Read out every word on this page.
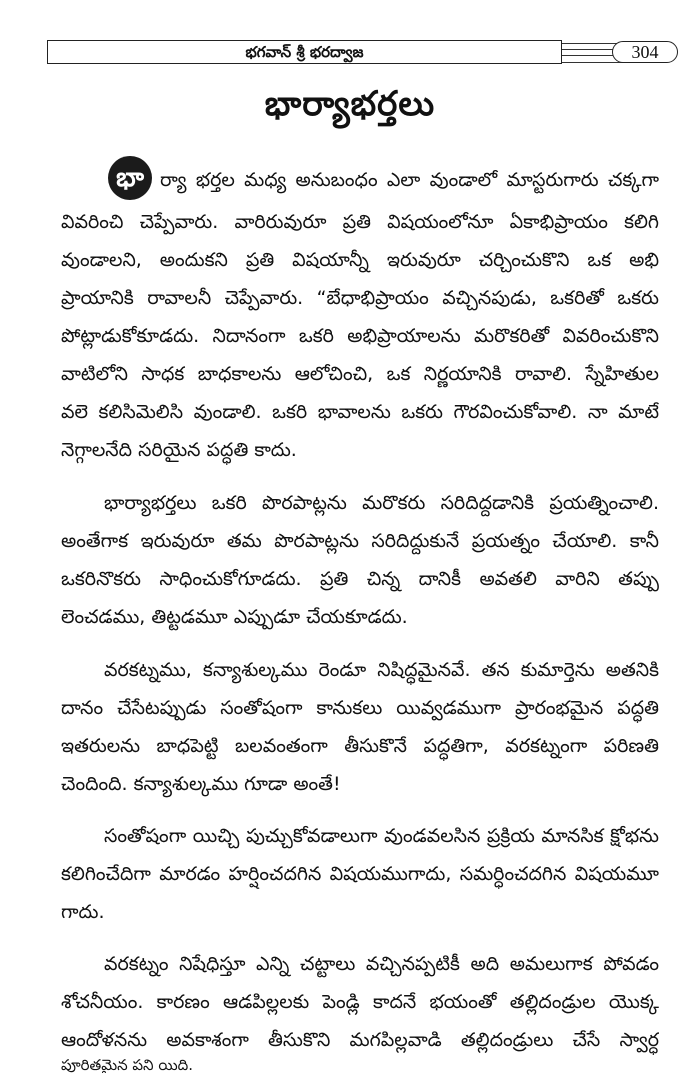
భగవాన్ శ్రీ భరద్వాజ	304
భార్యాభర్తలు
భా ర్యా భర్తల మధ్య అనుబంధం ఎలా వుండాలో మాస్టరుగారు చక్కగా
వివరించి చెప్పేవారు. వారిరువురూ ప్రతి విషయంలోనూ ఏకాభిప్రాయం కలిగి
వుండాలని, అందుకని ప్రతి విషయాన్నీ ఇరువురూ చర్చించుకొని ఒక అభి
ప్రాయానికి రావాలనీ చెప్పేవారు. “బేధాభిప్రాయం వచ్చినపుడు, ఒకరితో ఒకరు
పోట్లాడుకోకూడదు. నిదానంగా ఒకరి అభిప్రాయాలను మరొకరితో వివరించుకొని
వాటిలోని సాధక బాధకాలను ఆలోచించి, ఒక నిర్ణయానికి రావాలి. స్నేహితుల
వలె కలిసిమెలిసి వుండాలి. ఒకరి భావాలను ఒకరు గౌరవించుకోవాలి. నా మాటే
నెగ్గాలనేది సరియైన పద్ధతి కాదు.
భార్యాభర్తలు ఒకరి పొరపాట్లను మరొకరు సరిదిద్దడానికి ప్రయత్నించాలి.
అంతేగాక ఇరువురూ తమ పొరపాట్లను సరిదిద్దుకునే ప్రయత్నం చేయాలి. కానీ
ఒకరినొకరు సాధించుకోగూడదు. ప్రతి చిన్న దానికీ అవతలి వారిని తప్పు
లెంచడము, తిట్టడమూ ఎప్పుడూ చేయకూడదు.
వరకట్నము, కన్యాశుల్కము రెండూ నిషిద్ధమైనవే. తన కుమార్తెను అతనికి
దానం చేసేటప్పుడు సంతోషంగా కానుకలు యివ్వడముగా ప్రారంభమైన పద్ధతి
ఇతరులను బాధపెట్టి బలవంతంగా తీసుకొనే పద్ధతిగా, వరకట్నంగా పరిణతి
చెందింది. కన్యాశుల్కము గూడా అంతే!
సంతోషంగా యిచ్చి పుచ్చుకోవడాలుగా వుండవలసిన ప్రక్రియ మానసిక క్షోభను
కలిగించేదిగా మారడం హర్షించదగిన విషయముగాదు, సమర్ధించదగిన విషయమూ
గాదు.
వరకట్నం నిషేధిస్తూ ఎన్ని చట్టాలు వచ్చినప్పటికీ అది అమలుగాక పోవడం
శోచనీయం. కారణం ఆడపిల్లలకు పెండ్లి కాదనే భయంతో తల్లిదండ్రుల యొక్క
ఆందోళనను అవకాశంగా తీసుకొని మగపిల్లవాడి తల్లిదండ్రులు చేసే స్వార్ధ
పూరితమైన పని యిది.
